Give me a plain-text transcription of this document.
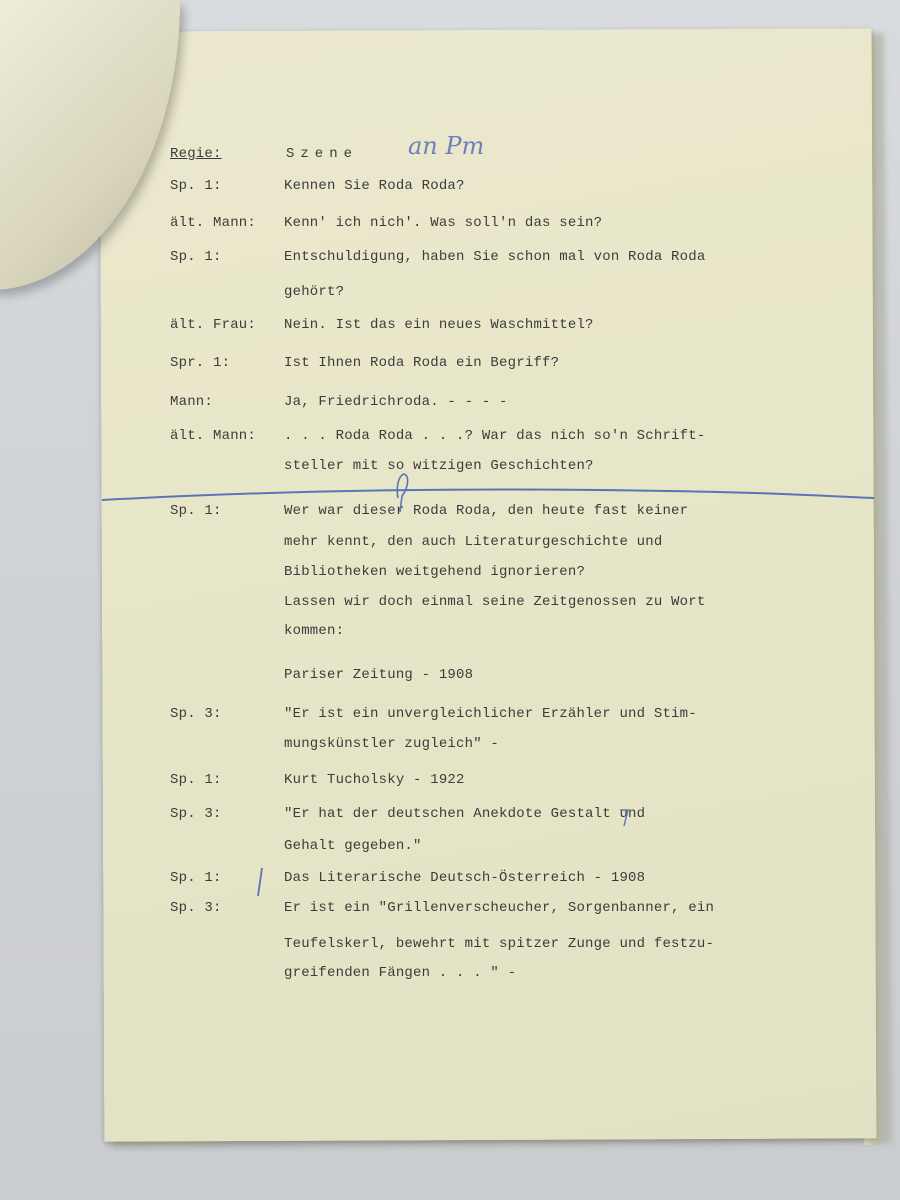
Regie:	Szene an Pm
Sp. 1:	Kennen Sie Roda Roda?
ält. Mann: Kenn' ich nich'. Was soll'n das sein?
Sp. 1:	Entschuldigung, haben Sie schon mal von Roda Roda
gehört?
ält. Frau: Nein. Ist das ein neues Waschmittel?
Spr. 1:	Ist Ihnen Roda Roda ein Begriff?
Mann:	Ja, Friedrichroda. - - - -
ält. Mann: . . . Roda Roda . . .? War das nich so'n Schrift-
steller mit so witzigen Geschichten?
Sp. 1:	Wer war dieser Roda Roda, den heute fast keiner
mehr kennt, den auch Literaturgeschichte und
Bibliotheken weitgehend ignorieren?
Lassen wir doch einmal seine Zeitgenossen zu Wort
kommen:
Pariser Zeitung - 1908
Sp. 3:	"Er ist ein unvergleichlicher Erzähler und Stim-
mungskünstler zugleich" -
Sp. 1:	Kurt Tucholsky - 1922
Sp. 3:	"Er hat der deutschen Anekdote Gestalt und
Gehalt gegeben."
Sp. 1:	Das Literarische Deutsch-Österreich - 1908
Sp. 3:	Er ist ein "Grillenverscheucher, Sorgenbanner, ein
Teufelskerl, bewehrt mit spitzer Zunge und festzu-
greifenden Fängen . . . " -
